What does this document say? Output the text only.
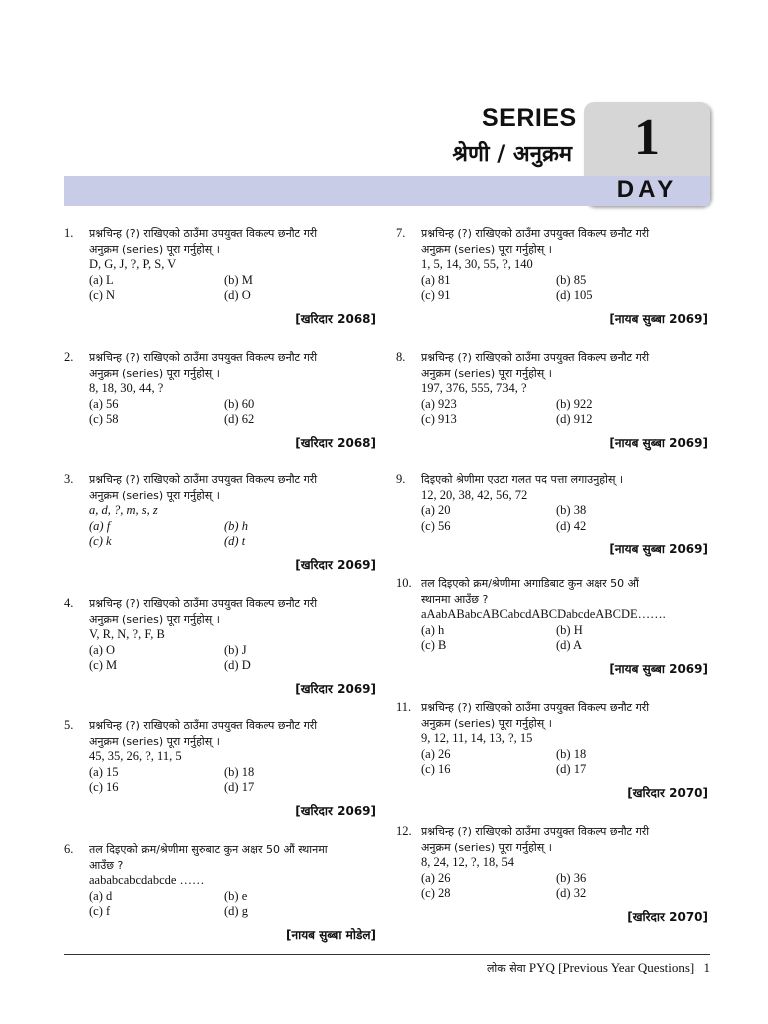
SERIES
श्रेणी / अनुक्रम	1
DAY
1. प्रश्नचिन्ह (?) राखिएको ठाउँमा उपयुक्त विकल्प छनौट गरी
अनुक्रम (series) पूरा गर्नुहोस् ।
D, G, J, ?, P, S, V
(a) L	(b) M
(c) N	(d) O
[खरिदार 2068]
2. प्रश्नचिन्ह (?) राखिएको ठाउँमा उपयुक्त विकल्प छनौट गरी
अनुक्रम (series) पूरा गर्नुहोस् ।
8, 18, 30, 44, ?
(a) 56	(b) 60
(c) 58	(d) 62
[खरिदार 2068]
3. प्रश्नचिन्ह (?) राखिएको ठाउँमा उपयुक्त विकल्प छनौट गरी
अनुक्रम (series) पूरा गर्नुहोस् ।
a, d, ?, m, s, z
(a) f	(b) h
(c) k	(d) t
[खरिदार 2069]
4. प्रश्नचिन्ह (?) राखिएको ठाउँमा उपयुक्त विकल्प छनौट गरी
अनुक्रम (series) पूरा गर्नुहोस् ।
V, R, N, ?, F, B
(a) O	(b) J
(c) M	(d) D
[खरिदार 2069]
5. प्रश्नचिन्ह (?) राखिएको ठाउँमा उपयुक्त विकल्प छनौट गरी
अनुक्रम (series) पूरा गर्नुहोस् ।
45, 35, 26, ?, 11, 5
(a) 15	(b) 18
(c) 16	(d) 17
[खरिदार 2069]
6. तल दिइएको क्रम/श्रेणीमा सुरुबाट कुन अक्षर 50 औं स्थानमा
आउँछ ?
aababcabcdabcde ……
(a) d	(b) e
(c) f	(d) g
[नायब सुब्बा मोडेल]
7. प्रश्नचिन्ह (?) राखिएको ठाउँमा उपयुक्त विकल्प छनौट गरी
अनुक्रम (series) पूरा गर्नुहोस् ।
1, 5, 14, 30, 55, ?, 140
(a) 81	(b) 85
(c) 91	(d) 105
[नायब सुब्बा 2069]
8. प्रश्नचिन्ह (?) राखिएको ठाउँमा उपयुक्त विकल्प छनौट गरी
अनुक्रम (series) पूरा गर्नुहोस् ।
197, 376, 555, 734, ?
(a) 923	(b) 922
(c) 913	(d) 912
[नायब सुब्बा 2069]
9. दिइएको श्रेणीमा एउटा गलत पद पत्ता लगाउनुहोस् ।
12, 20, 38, 42, 56, 72
(a) 20	(b) 38
(c) 56	(d) 42
[नायब सुब्बा 2069]
10. तल दिइएको क्रम/श्रेणीमा अगाडिबाट कुन अक्षर 50 औं
स्थानमा आउँछ ?
aAabABabcABCabcdABCDabcdeABCDE…….
(a) h	(b) H
(c) B	(d) A
[नायब सुब्बा 2069]
11. प्रश्नचिन्ह (?) राखिएको ठाउँमा उपयुक्त विकल्प छनौट गरी
अनुक्रम (series) पूरा गर्नुहोस् ।
9, 12, 11, 14, 13, ?, 15
(a) 26	(b) 18
(c) 16	(d) 17
[खरिदार 2070]
12. प्रश्नचिन्ह (?) राखिएको ठाउँमा उपयुक्त विकल्प छनौट गरी
अनुक्रम (series) पूरा गर्नुहोस् ।
8, 24, 12, ?, 18, 54
(a) 26	(b) 36
(c) 28	(d) 32
[खरिदार 2070]
लोक सेवा PYQ [Previous Year Questions] 1
